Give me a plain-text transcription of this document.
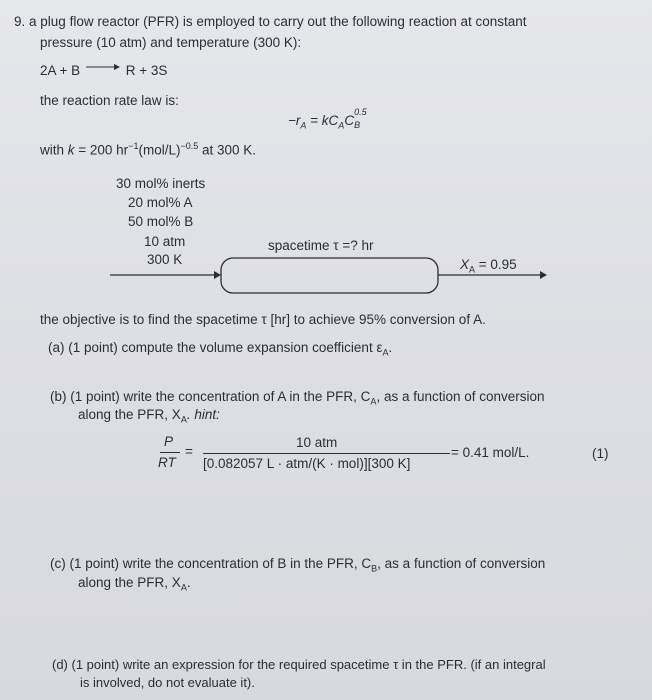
9. a plug flow reactor (PFR) is employed to carry out the following reaction at constant
pressure (10 atm) and temperature (300 K):
2A + B → R + 3S
the reaction rate law is:
$-r_A = kC_AC$
0.5
B
with k = 200 $hr^{-1}(mol/L)^{-0.5}$ at 300 K.
30 mol% inerts
20 mol% A
50 mol% B
10 atm
300 K
spacetime τ =? hr
$X_A = 0.95$
the objective is to find the spacetime τ [hr] to achieve 95% conversion of A.
(a) (1 point) compute the volume expansion coefficient $\varepsilon_A$.
(b) (1 point) write the concentration of A in the PFR, $C_A$, as a function of conversion
along the PFR, $X_A$. hint:
P
RT
=
10 atm
[0.082057 L · atm/(K · mol)][300 K]
= 0.41 mol/L.	(1)
(c) (1 point) write the concentration of B in the PFR, $C_B$, as a function of conversion
along the PFR, $X_A$.
(d) (1 point) write an expression for the required spacetime τ in the PFR. (if an integral
is involved, do not evaluate it).
